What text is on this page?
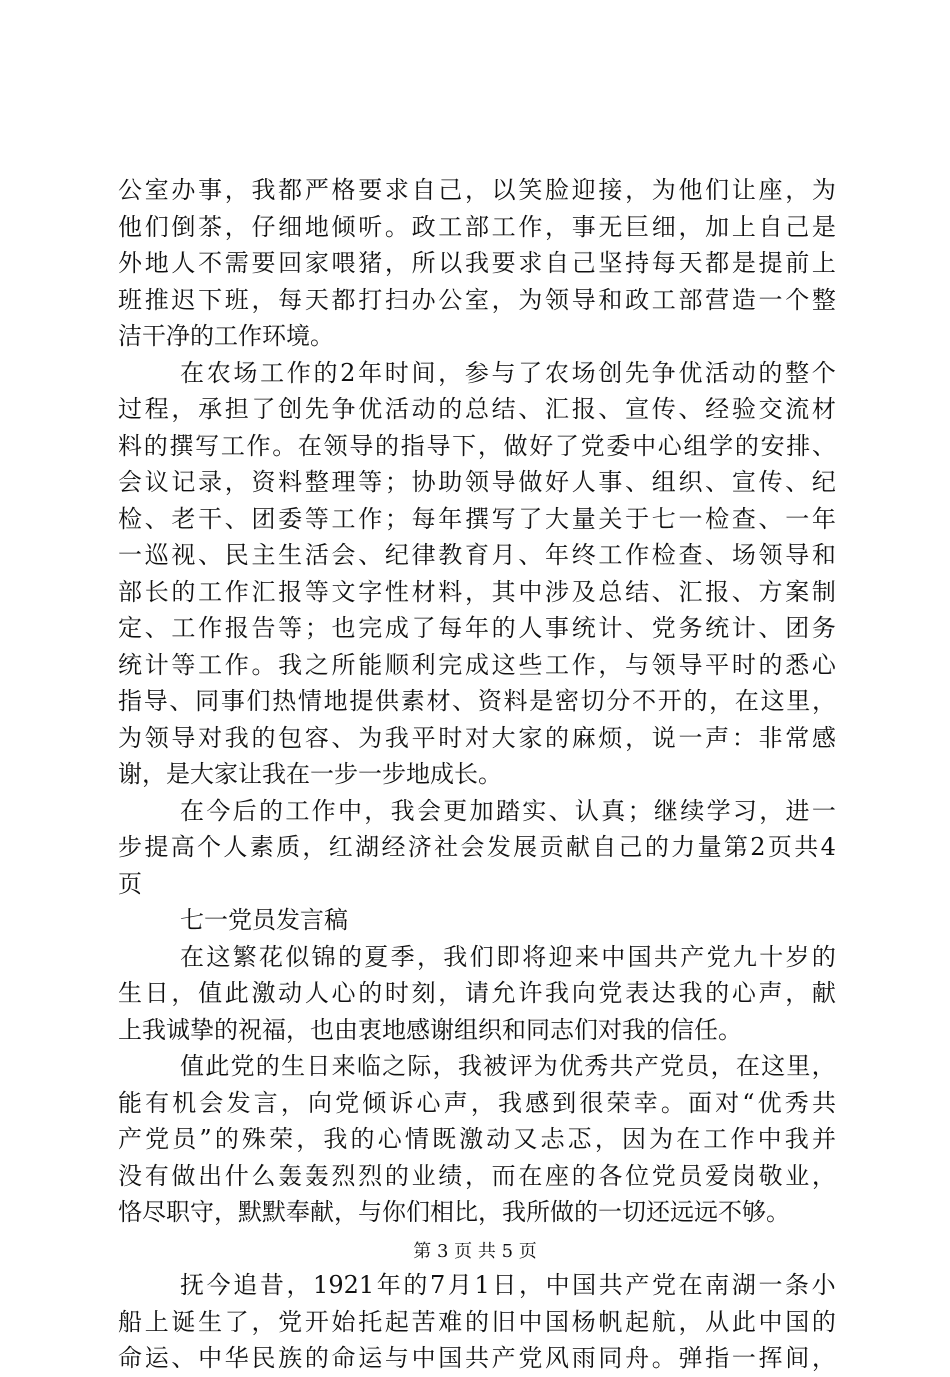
公 室 办 事 ， 我 都 严 格 要 求 自 己 ， 以 笑 脸 迎 接 ， 为 他 们 让 座 ， 为
他 们 倒 茶 ， 仔 细 地 倾 听 。 政 工 部 工 作 ， 事 无 巨 细 ， 加 上 自 己 是
外 地 人 不 需 要 回 家 喂 猪 ， 所 以 我 要 求 自 己 坚 持 每 天 都 是 提 前 上
班 推 迟 下 班 ， 每 天 都 打 扫 办 公 室 ， 为 领 导 和 政 工 部 营 造 一 个 整
洁干净的工作环境。
在 农 场 工 作 的 2 年 时 间 ， 参 与 了 农 场 创 先 争 优 活 动 的 整 个
过 程 ， 承 担 了 创 先 争 优 活 动 的 总 结 、 汇 报 、 宣 传 、 经 验 交 流 材
料 的 撰 写 工 作 。 在 领 导 的 指 导 下 ， 做 好 了 党 委 中 心 组 学 的 安 排 、
会 议 记 录 ， 资 料 整 理 等 ； 协 助 领 导 做 好 人 事 、 组 织 、 宣 传 、 纪
检 、 老 干 、 团 委 等 工 作 ； 每 年 撰 写 了 大 量 关 于 七 一 检 查 、 一 年
一 巡 视 、 民 主 生 活 会 、 纪 律 教 育 月 、 年 终 工 作 检 查 、 场 领 导 和
部 长 的 工 作 汇 报 等 文 字 性 材 料 ， 其 中 涉 及 总 结 、 汇 报 、 方 案 制
定 、 工 作 报 告 等 ； 也 完 成 了 每 年 的 人 事 统 计 、 党 务 统 计 、 团 务
统 计 等 工 作 。 我 之 所 能 顺 利 完 成 这 些 工 作 ， 与 领 导 平 时 的 悉 心
指 导 、 同 事 们 热 情 地 提 供 素 材 、 资 料 是 密 切 分 不 开 的 ， 在 这 里 ，
为 领 导 对 我 的 包 容 、 为 我 平 时 对 大 家 的 麻 烦 ， 说 一 声 ： 非 常 感
谢，是大家让我在一步一步地成长。
在 今 后 的 工 作 中 ， 我 会 更 加 踏 实 、 认 真 ； 继 续 学 习 ， 进 一
步 提 高 个 人 素 质 ， 红 湖 经 济 社 会 发 展 贡 献 自 己 的 力 量 第 2 页 共 4
页
七一党员发言稿
在 这 繁 花 似 锦 的 夏 季 ， 我 们 即 将 迎 来 中 国 共 产 党 九 十 岁 的
生 日 ， 值 此 激 动 人 心 的 时 刻 ， 请 允 许 我 向 党 表 达 我 的 心 声 ， 献
上我诚挚的祝福，也由衷地感谢组织和同志们对我的信任。
值 此 党 的 生 日 来 临 之 际 ， 我 被 评 为 优 秀 共 产 党 员 ， 在 这 里 ，
能 有 机 会 发 言 ， 向 党 倾 诉 心 声 ， 我 感 到 很 荣 幸 。 面 对 “ 优 秀 共
产 党 员 ” 的 殊 荣 ， 我 的 心 情 既 激 动 又 忐 忑 ， 因 为 在 工 作 中 我 并
没 有 做 出 什 么 轰 轰 烈 烈 的 业 绩 ， 而 在 座 的 各 位 党 员 爱 岗 敬 业 ，
恪尽职守，默默奉献，与你们相比，我所做的一切还远远不够。
抚 今 追 昔 ， 1921 年 的 7 月 1 日 ， 中 国 共 产 党 在 南 湖 一 条 小
船 上 诞 生 了 ， 党 开 始 托 起 苦 难 的 旧 中 国 杨 帆 起 航 ， 从 此 中 国 的
命 运 、 中 华 民 族 的 命 运 与 中 国 共 产 党 风 雨 同 舟 。 弹 指 一 挥 间 ，
第 3 页 共 5 页
